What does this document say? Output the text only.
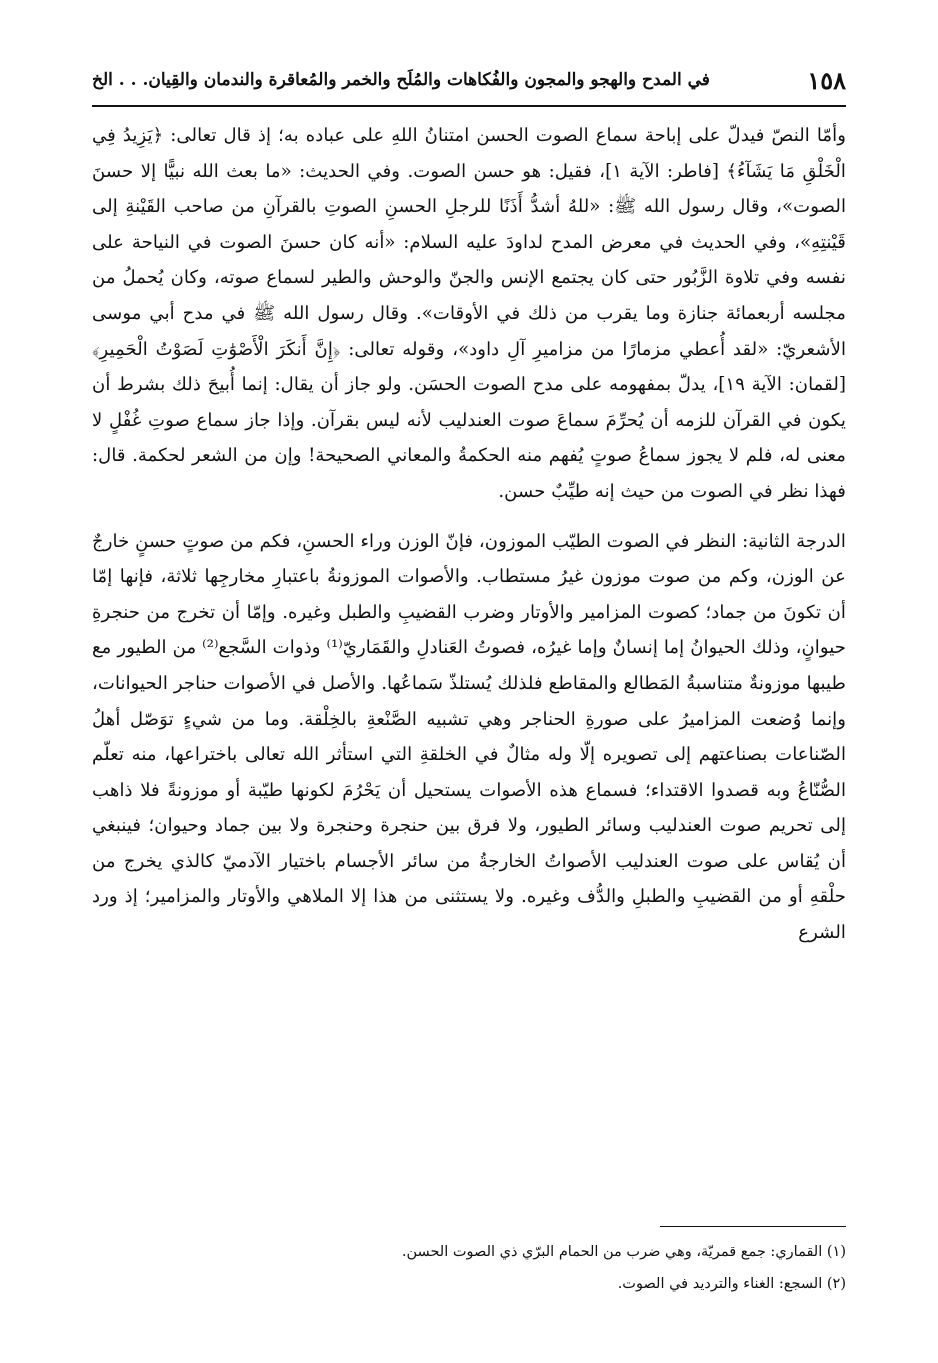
١٥٨
في المدح والهجو والمجون والفُكاهات والمُلَح والخمر والمُعاقرة والندمان والقِيان. . . الخ

وأمّا النصّ فيدلّ على إباحة سماع الصوت الحسن امتنانُ اللهِ على عباده به؛ إذ قال تعالى: ﴿يَزِيدُ فِي الْخَلْقِ مَا يَشَآءُ﴾ [فاطر: الآية ١]، فقيل: هو حسن الصوت. وفي الحديث: «ما بعث الله نبيًّا إلا حسنَ الصوت»، وقال رسول الله ﷺ: «للهُ أشدُّ أَذَنًا للرجلِ الحسنِ الصوتِ بالقرآنِ من صاحب القَيْنةِ إلى قَيْنتِهِ»، وفي الحديث في معرض المدح لداودَ عليه السلام: «أنه كان حسنَ الصوت في النياحة على نفسه وفي تلاوة الزَّبُور حتى كان يجتمع الإنس والجنّ والوحش والطير لسماع صوته، وكان يُحملُ من مجلسه أربعمائة جنازة وما يقرب من ذلك في الأوقات». وقال رسول الله ﷺ في مدح أبي موسى الأشعريّ: «لقد أُعطي مزمارًا من مزاميرِ آلِ داود»، وقوله تعالى: ﴿إِنَّ أَنكَرَ الْأَصْوَٰتِ لَصَوْتُ الْحَمِيرِ﴾ [لقمان: الآية ١٩]، يدلّ بمفهومه على مدح الصوت الحسَن. ولو جاز أن يقال: إنما أُبيحَ ذلك بشرط أن يكون في القرآن للزمه أن يُحرِّمَ سماعَ صوت العندليب لأنه ليس بقرآن. وإذا جاز سماع صوتِ غُفْلٍ لا معنى له، فلم لا يجوز سماعُ صوتٍ يُفهم منه الحكمةُ والمعاني الصحيحة! وإن من الشعر لحكمة. قال: فهذا نظر في الصوت من حيث إنه طيِّبٌ حسن.

الدرجة الثانية: النظر في الصوت الطيّب الموزون، فإنّ الوزن وراء الحسنِ، فكم من صوتٍ حسنٍ خارجٌ عن الوزن، وكم من صوت موزون غيرُ مستطاب. والأصوات الموزونةُ باعتبارِ مخارجِها ثلاثة، فإنها إمّا أن تكونَ من جماد؛ كصوت المزامير والأوتار وضرب القضيبِ والطبل وغيره. وإمّا أن تخرج من حنجرةِ حيوانٍ، وذلك الحيوانُ إما إنسانٌ وإما غيرُه، فصوتُ العَنادلِ والقَمَاريّ⁽¹⁾ وذوات السَّجع⁽²⁾ من الطيور مع طيبها موزونةٌ متناسبةُ المَطالع والمقاطع فلذلك يُستلذّ سَماعُها. والأصل في الأصوات حناجر الحيوانات، وإنما وُضعت المزاميرُ على صورةِ الحناجر وهي تشبيه الصَّنْعةِ بالخِلْقة. وما من شيءٍ توَصّل أهلُ الصّناعات بصناعتهم إلى تصويره إلّا وله مثالٌ في الخلقةِ التي استأثر الله تعالى باختراعها، منه تعلّم الصُّنّاعُ وبه قصدوا الاقتداء؛ فسماع هذه الأصوات يستحيل أن يَحْرُمَ لكونها طيّبة أو موزونةً فلا ذاهب إلى تحريم صوت العندليب وسائر الطيور، ولا فرق بين حنجرة وحنجرة ولا بين جماد وحيوان؛ فينبغي أن يُقاس على صوت العندليب الأصواتُ الخارجةُ من سائر الأجسام باختيار الآدميّ كالذي يخرج من حلْقهِ أو من القضيبِ والطبلِ والدُّف وغيره. ولا يستثنى من هذا إلا الملاهي والأوتار والمزامير؛ إذ ورد الشرع

(١) القماري: جمع قمريّة، وهي ضرب من الحمام البرّي ذي الصوت الحسن.

(٢) السجع: الغناء والترديد في الصوت.
